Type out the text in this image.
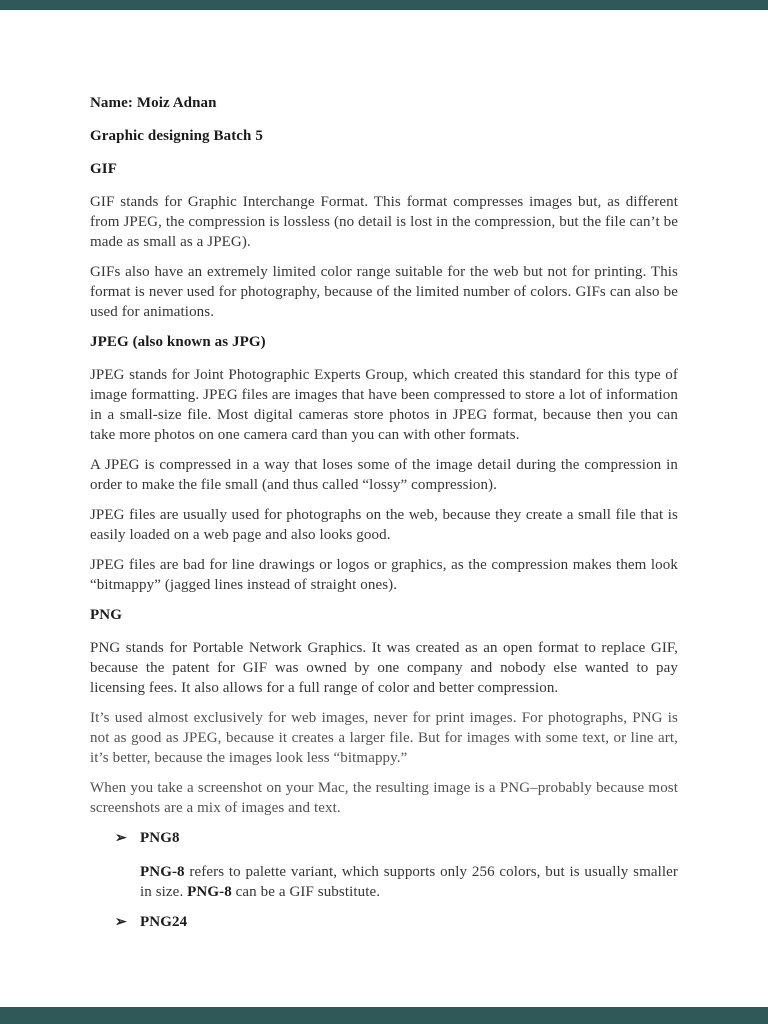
Name: Moiz Adnan
Graphic designing Batch 5
GIF

GIF stands for Graphic Interchange Format. This format compresses images but, as different from JPEG, the compression is lossless (no detail is lost in the compression, but the file can’t be made as small as a JPEG).

GIFs also have an extremely limited color range suitable for the web but not for printing. This format is never used for photography, because of the limited number of colors. GIFs can also be used for animations.

JPEG (also known as JPG)

JPEG stands for Joint Photographic Experts Group, which created this standard for this type of image formatting. JPEG files are images that have been compressed to store a lot of information in a small-size file. Most digital cameras store photos in JPEG format, because then you can take more photos on one camera card than you can with other formats.

A JPEG is compressed in a way that loses some of the image detail during the compression in order to make the file small (and thus called “lossy” compression).

JPEG files are usually used for photographs on the web, because they create a small file that is easily loaded on a web page and also looks good.

JPEG files are bad for line drawings or logos or graphics, as the compression makes them look “bitmappy” (jagged lines instead of straight ones).

PNG

PNG stands for Portable Network Graphics. It was created as an open format to replace GIF, because the patent for GIF was owned by one company and nobody else wanted to pay licensing fees. It also allows for a full range of color and better compression.

It’s used almost exclusively for web images, never for print images. For photographs, PNG is not as good as JPEG, because it creates a larger file. But for images with some text, or line art, it’s better, because the images look less “bitmappy.”

When you take a screenshot on your Mac, the resulting image is a PNG–probably because most screenshots are a mix of images and text.

➢ PNG8

PNG-8 refers to palette variant, which supports only 256 colors, but is usually smaller in size. PNG-8 can be a GIF substitute.

➢ PNG24
